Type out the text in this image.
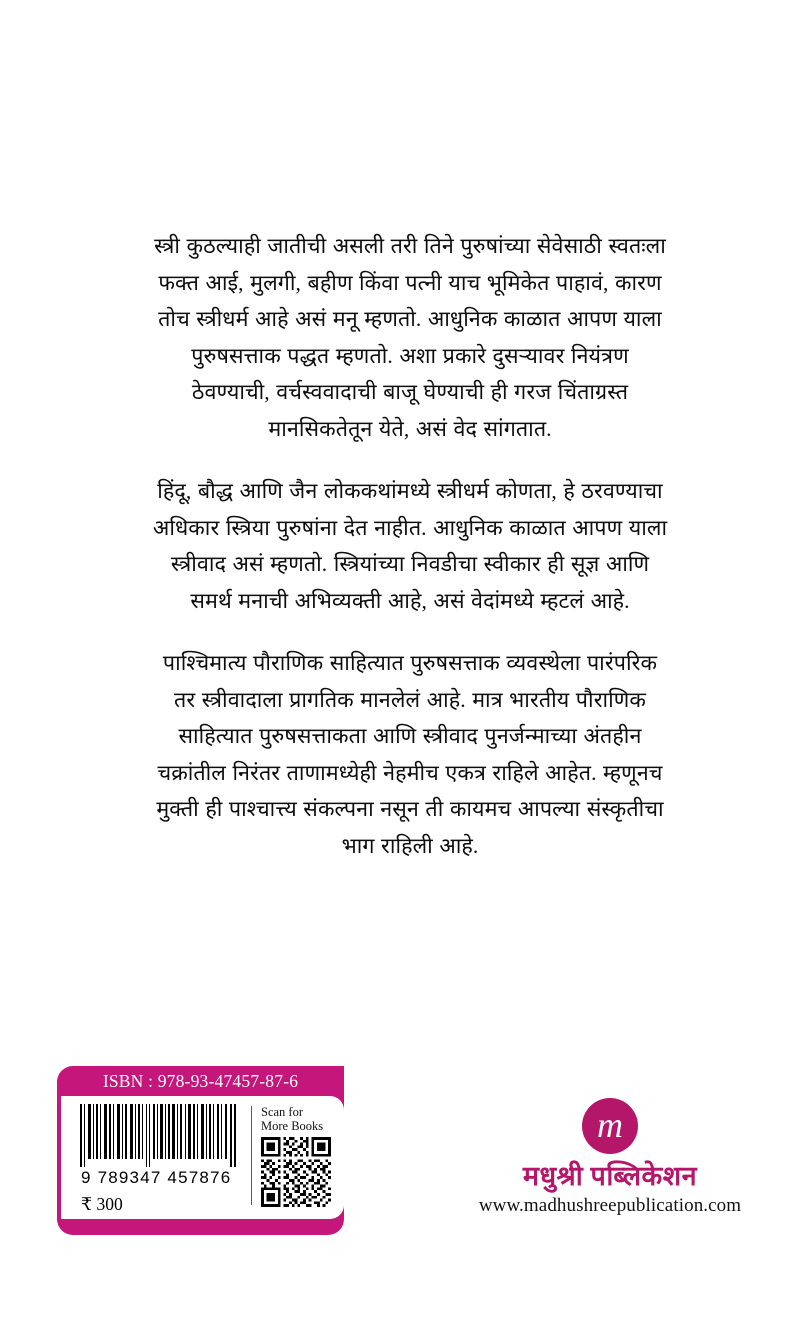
स्त्री कुठल्याही जातीची असली तरी तिने पुरुषांच्या सेवेसाठी स्वतःला फक्त आई, मुलगी, बहीण किंवा पत्नी याच भूमिकेत पाहावं, कारण तोच स्त्रीधर्म आहे असं मनू म्हणतो. आधुनिक काळात आपण याला पुरुषसत्ताक पद्धत म्हणतो. अशा प्रकारे दुसऱ्यावर नियंत्रण ठेवण्याची, वर्चस्ववादाची बाजू घेण्याची ही गरज चिंताग्रस्त मानसिकतेतून येते, असं वेद सांगतात.

हिंदू, बौद्ध आणि जैन लोककथांमध्ये स्त्रीधर्म कोणता, हे ठरवण्याचा अधिकार स्त्रिया पुरुषांना देत नाहीत. आधुनिक काळात आपण याला स्त्रीवाद असं म्हणतो. स्त्रियांच्या निवडीचा स्वीकार ही सूज्ञ आणि समर्थ मनाची अभिव्यक्ती आहे, असं वेदांमध्ये म्हटलं आहे.

पाश्चिमात्य पौराणिक साहित्यात पुरुषसत्ताक व्यवस्थेला पारंपरिक तर स्त्रीवादाला प्रागतिक मानलेलं आहे. मात्र भारतीय पौराणिक साहित्यात पुरुषसत्ताकता आणि स्त्रीवाद पुनर्जन्माच्या अंतहीन चक्रांतील निरंतर ताणामध्येही नेहमीच एकत्र राहिले आहेत. म्हणूनच मुक्ती ही पाश्चात्त्य संकल्पना नसून ती कायमच आपल्या संस्कृतीचा भाग राहिली आहे.

ISBN : 978-93-47457-87-6
9 789347 457876
₹ 300
Scan for
More Books	m
मधुश्री पब्लिकेशन
www.madhushreepublication.com
